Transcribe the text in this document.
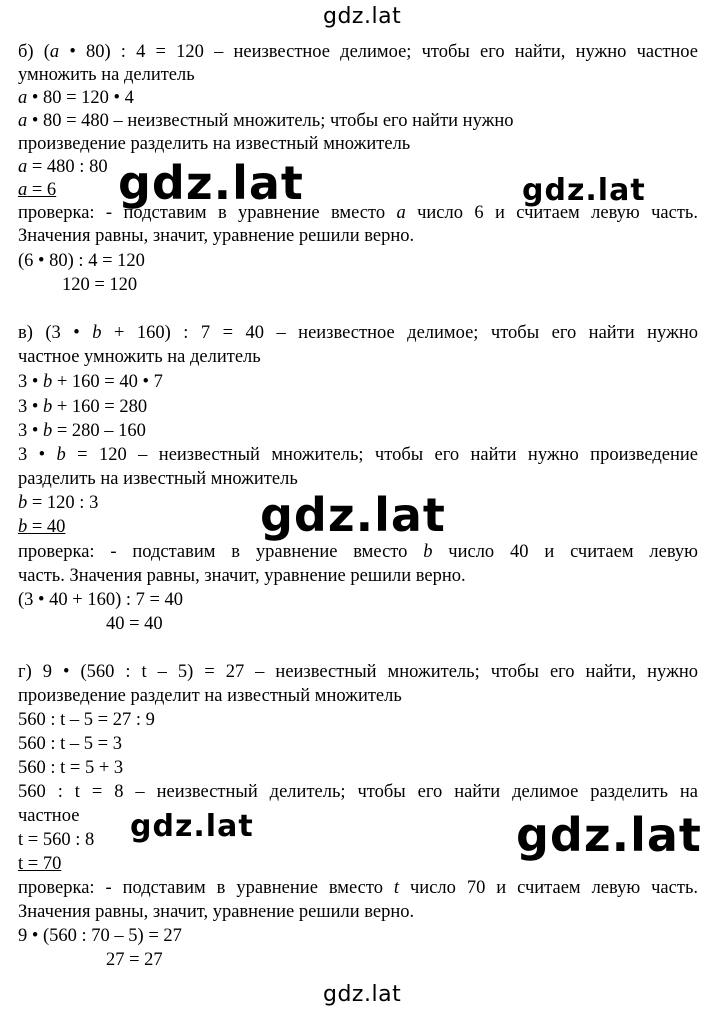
gdz.lat
gdz.lat	gdz.lat
gdz.lat
gdz.lat	gdz.lat
gdz.lat
б) (a • 80) : 4 = 120 – неизвестное делимое; чтобы его найти, нужно частное
умножить на делитель
a • 80 = 120 • 4
a • 80 = 480 – неизвестный множитель; чтобы его найти нужно
произведение разделить на известный множитель
a = 480 : 80
a = 6
проверка: - подставим в уравнение вместо a число 6 и считаем левую часть.
Значения равны, значит, уравнение решили верно.
(6 • 80) : 4 = 120
120 = 120
в) (3 • b + 160) : 7 = 40 – неизвестное делимое; чтобы его найти нужно
частное умножить на делитель
3 • b + 160 = 40 • 7
3 • b + 160 = 280
3 • b = 280 – 160
3 • b = 120 – неизвестный множитель; чтобы его найти нужно произведение
разделить на известный множитель
b = 120 : 3
b = 40
проверка: - подставим в уравнение вместо b число 40 и считаем левую
часть. Значения равны, значит, уравнение решили верно.
(3 • 40 + 160) : 7 = 40
40 = 40
г) 9 • (560 : t – 5) = 27 – неизвестный множитель; чтобы его найти, нужно
произведение разделит на известный множитель
560 : t – 5 = 27 : 9
560 : t – 5 = 3
560 : t = 5 + 3
560 : t = 8 – неизвестный делитель; чтобы его найти делимое разделить на
частное
t = 560 : 8
t = 70
проверка: - подставим в уравнение вместо t число 70 и считаем левую часть.
Значения равны, значит, уравнение решили верно.
9 • (560 : 70 – 5) = 27
27 = 27
